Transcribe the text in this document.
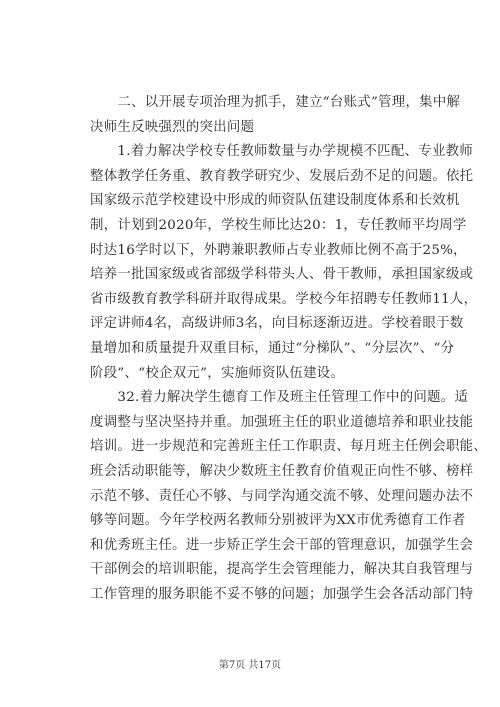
　　二、以开展专项治理为抓手，建立“台账式”管理，集中解
决师生反映强烈的突出问题
　　1.着力解决学校专任教师数量与办学规模不匹配、专业教师
整体教学任务重、教育教学研究少、发展后劲不足的问题。依托
国家级示范学校建设中形成的师资队伍建设制度体系和长效机
制，计划到2020年，学校生师比达20：1，专任教师平均周学
时达16学时以下，外聘兼职教师占专业教师比例不高于25%，
培养一批国家级或省部级学科带头人、骨干教师，承担国家级或
省市级教育教学科研并取得成果。学校今年招聘专任教师11人，
评定讲师4名，高级讲师3名，向目标逐渐迈进。学校着眼于数
量增加和质量提升双重目标，通过“分梯队”、“分层次”、“分
阶段”、“校企双元”，实施师资队伍建设。
　　32.着力解决学生德育工作及班主任管理工作中的问题。适
度调整与坚决坚持并重。加强班主任的职业道德培养和职业技能
培训。进一步规范和完善班主任工作职责、每月班主任例会职能、
班会活动职能等，解决少数班主任教育价值观正向性不够、榜样
示范不够、责任心不够、与同学沟通交流不够、处理问题办法不
够等问题。今年学校两名教师分别被评为XX市优秀德育工作者
和优秀班主任。进一步矫正学生会干部的管理意识，加强学生会
干部例会的培训职能，提高学生会管理能力，解决其自我管理与
工作管理的服务职能不妥不够的问题；加强学生会各活动部门特
第7页 共17页
